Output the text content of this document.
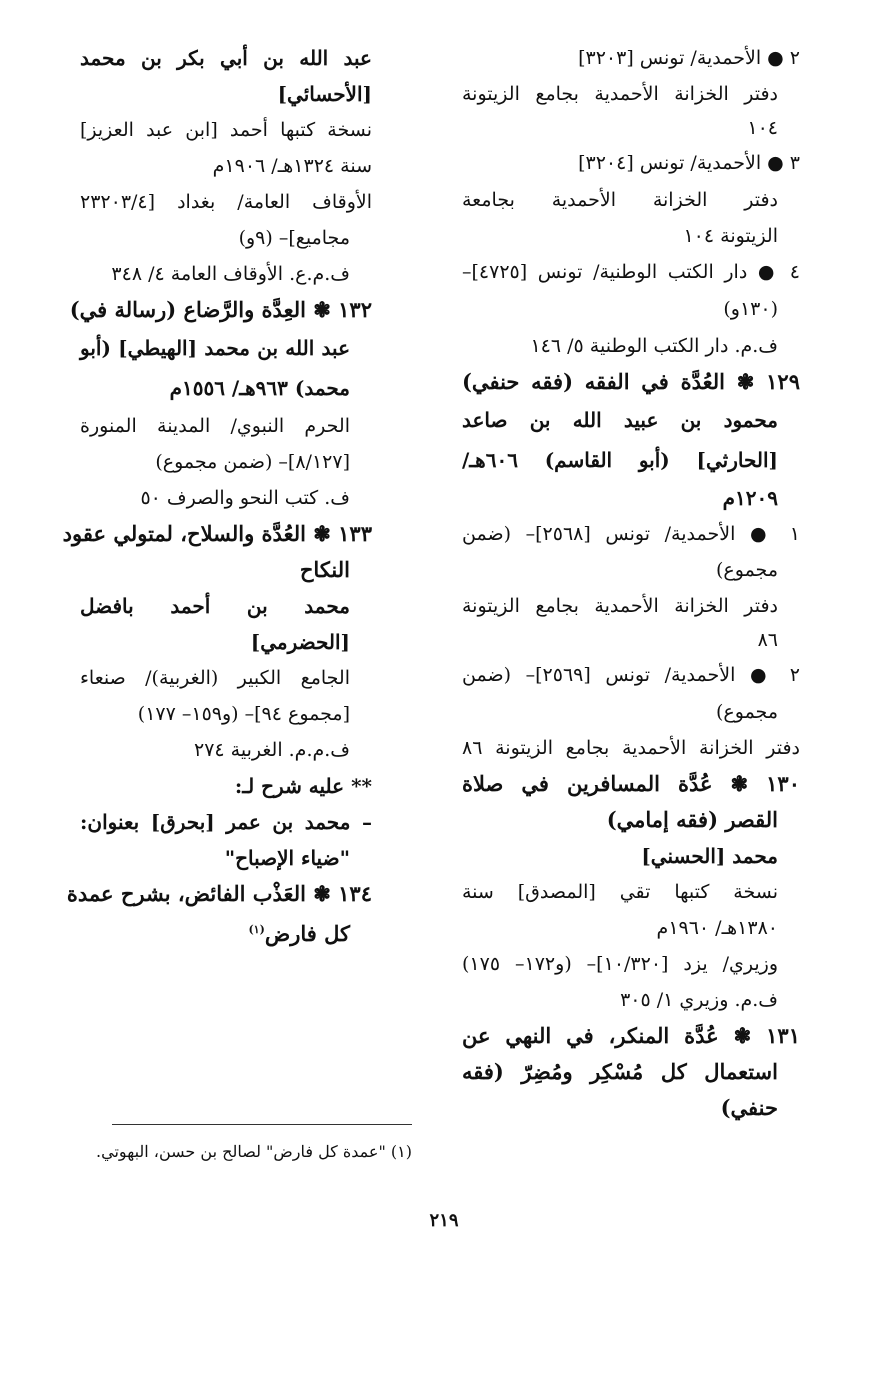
٢ ● الأحمدية/ تونس [٣٢٠٣]
دفتر الخزانة الأحمدية بجامع الزيتونة
١٠٤
٣ ● الأحمدية/ تونس [٣٢٠٤]
دفتر الخزانة الأحمدية بجامعة
الزيتونة ١٠٤
٤ ● دار الكتب الوطنية/ تونس [٤٧٢٥]–
(١٣٠و)
ف.م. دار الكتب الوطنية ٥/ ١٤٦
١٢٩ ❃ العُدَّة في الفقه (فقه حنفي)
محمود بن عبيد الله بن صاعد
[الحارثي] (أبو القاسم) ٦٠٦هـ/
١٢٠٩م
١ ● الأحمدية/ تونس [٢٥٦٨]– (ضمن
مجموع)
دفتر الخزانة الأحمدية بجامع الزيتونة
٨٦
٢ ● الأحمدية/ تونس [٢٥٦٩]– (ضمن
مجموع)
دفتر الخزانة الأحمدية بجامع الزيتونة ٨٦
١٣٠ ❃ عُدَّة المسافرين في صلاة
القصر (فقه إمامي)
محمد [الحسني]
نسخة كتبها تقي [المصدق] سنة
١٣٨٠هـ/ ١٩٦٠م
وزيري/ يزد [١٠/٣٢٠]– (و١٧٢– ١٧٥)
ف.م. وزيري ١/ ٣٠٥
١٣١ ❃ عُدَّة المنكر، في النهي عن
استعمال كل مُسْكِر ومُضِرّ (فقه
حنفي)
عبد الله بن أبي بكر بن محمد
[الأحسائي]
نسخة كتبها أحمد [ابن عبد العزيز]
سنة ١٣٢٤هـ/ ١٩٠٦م
الأوقاف العامة/ بغداد [٢٣٢٠٣/٤
مجاميع]– (٩و)
ف.م.ع. الأوقاف العامة ٤/ ٣٤٨
١٣٢ ❃ العِدَّة والرَّضاع (رسالة في)
عبد الله بن محمد [الهيطي] (أبو
محمد) ٩٦٣هـ/ ١٥٥٦م
الحرم النبوي/ المدينة المنورة
[٨/١٢٧]– (ضمن مجموع)
ف. كتب النحو والصرف ٥٠
١٣٣ ❃ العُدَّة والسلاح، لمتولي عقود
النكاح
محمد بن أحمد بافضل
[الحضرمي]
الجامع الكبير (الغربية)/ صنعاء
[مجموع ٩٤]– (و١٥٩– ١٧٧)
ف.م.م. الغربية ٢٧٤
** عليه شرح لـ:
– محمد بن عمر [بحرق] بعنوان:
"ضياء الإصباح"
١٣٤ ❃ العَذْب الفائض، بشرح عمدة
كل فارض$^{(١)}$
(١) "عمدة كل فارض" لصالح بن حسن، البهوتي.
٢١٩
